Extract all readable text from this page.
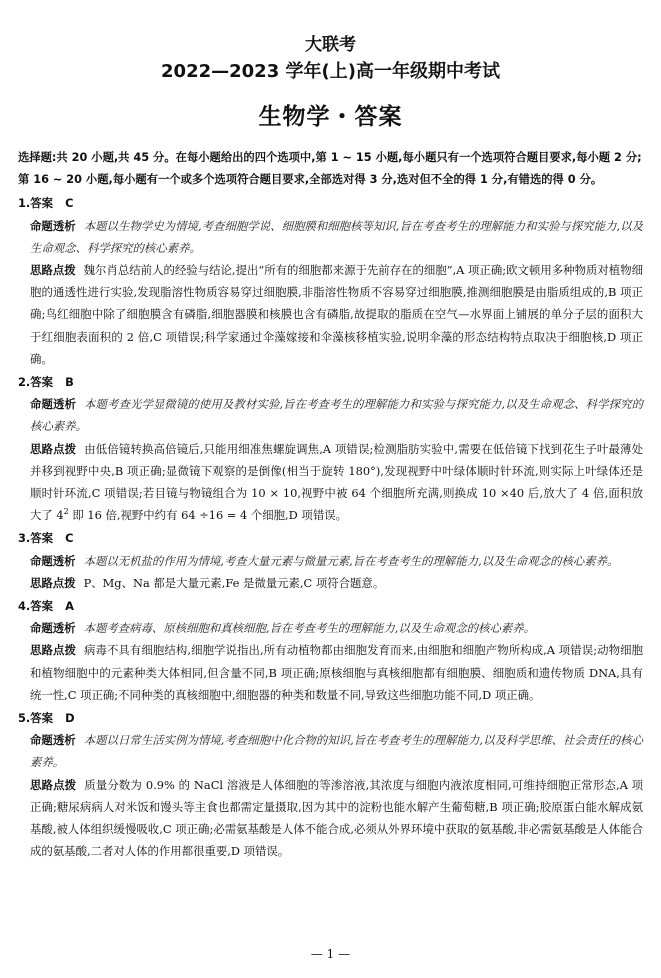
大联考
2022—2023 学年(上)高一年级期中考试
生物学・答案
选择题:共 20 小题,共 45 分。在每小题给出的四个选项中,第 1 ~ 15 小题,每小题只有一个选项符合题目要求,每小题 2 分;第 16 ~ 20 小题,每小题有一个或多个选项符合题目要求,全部选对得 3 分,选对但不全的得 1 分,有错选的得 0 分。
1.答案 C
命题透析 本题以生物学史为情境,考查细胞学说、细胞膜和细胞核等知识,旨在考查考生的理解能力和实验与探究能力,以及生命观念、科学探究的核心素养。
思路点拨 魏尔肖总结前人的经验与结论,提出“所有的细胞都来源于先前存在的细胞”,A 项正确;欧文顿用多种物质对植物细胞的通透性进行实验,发现脂溶性物质容易穿过细胞膜,非脂溶性物质不容易穿过细胞膜,推测细胞膜是由脂质组成的,B 项正确;鸟红细胞中除了细胞膜含有磷脂,细胞器膜和核膜也含有磷脂,故提取的脂质在空气—水界面上铺展的单分子层的面积大于红细胞表面积的 2 倍,C 项错误;科学家通过伞藻嫁接和伞藻核移植实验,说明伞藻的形态结构特点取决于细胞核,D 项正确。
2.答案 B
命题透析 本题考查光学显微镜的使用及教材实验,旨在考查考生的理解能力和实验与探究能力,以及生命观念、科学探究的核心素养。
思路点拨 由低倍镜转换高倍镜后,只能用细准焦螺旋调焦,A 项错误;检测脂肪实验中,需要在低倍镜下找到花生子叶最薄处并移到视野中央,B 项正确;显微镜下观察的是倒像(相当于旋转 180°),发现视野中叶绿体顺时针环流,则实际上叶绿体还是顺时针环流,C 项错误;若目镜与物镜组合为 10 × 10,视野中被 64 个细胞所充满,则换成 10 ×40 后,放大了 4 倍,面积放大了 $4^2$ 即 16 倍,视野中约有 64 ÷16 = 4 个细胞,D 项错误。
3.答案 C
命题透析 本题以无机盐的作用为情境,考查大量元素与微量元素,旨在考查考生的理解能力,以及生命观念的核心素养。
思路点拨 P、Mg、Na 都是大量元素,Fe 是微量元素,C 项符合题意。
4.答案 A
命题透析 本题考查病毒、原核细胞和真核细胞,旨在考查考生的理解能力,以及生命观念的核心素养。
思路点拨 病毒不具有细胞结构,细胞学说指出,所有动植物都由细胞发育而来,由细胞和细胞产物所构成,A 项错误;动物细胞和植物细胞中的元素种类大体相同,但含量不同,B 项正确;原核细胞与真核细胞都有细胞膜、细胞质和遗传物质 DNA,具有统一性,C 项正确;不同种类的真核细胞中,细胞器的种类和数量不同,导致这些细胞功能不同,D 项正确。
5.答案 D
命题透析 本题以日常生活实例为情境,考查细胞中化合物的知识,旨在考查考生的理解能力,以及科学思维、社会责任的核心素养。
思路点拨 质量分数为 0.9% 的 NaCl 溶液是人体细胞的等渗溶液,其浓度与细胞内液浓度相同,可维持细胞正常形态,A 项正确;糖尿病病人对米饭和馒头等主食也都需定量摄取,因为其中的淀粉也能水解产生葡萄糖,B 项正确;胶原蛋白能水解成氨基酸,被人体组织缓慢吸收,C 项正确;必需氨基酸是人体不能合成,必须从外界环境中获取的氨基酸,非必需氨基酸是人体能合成的氨基酸,二者对人体的作用都很重要,D 项错误。
— 1 —
